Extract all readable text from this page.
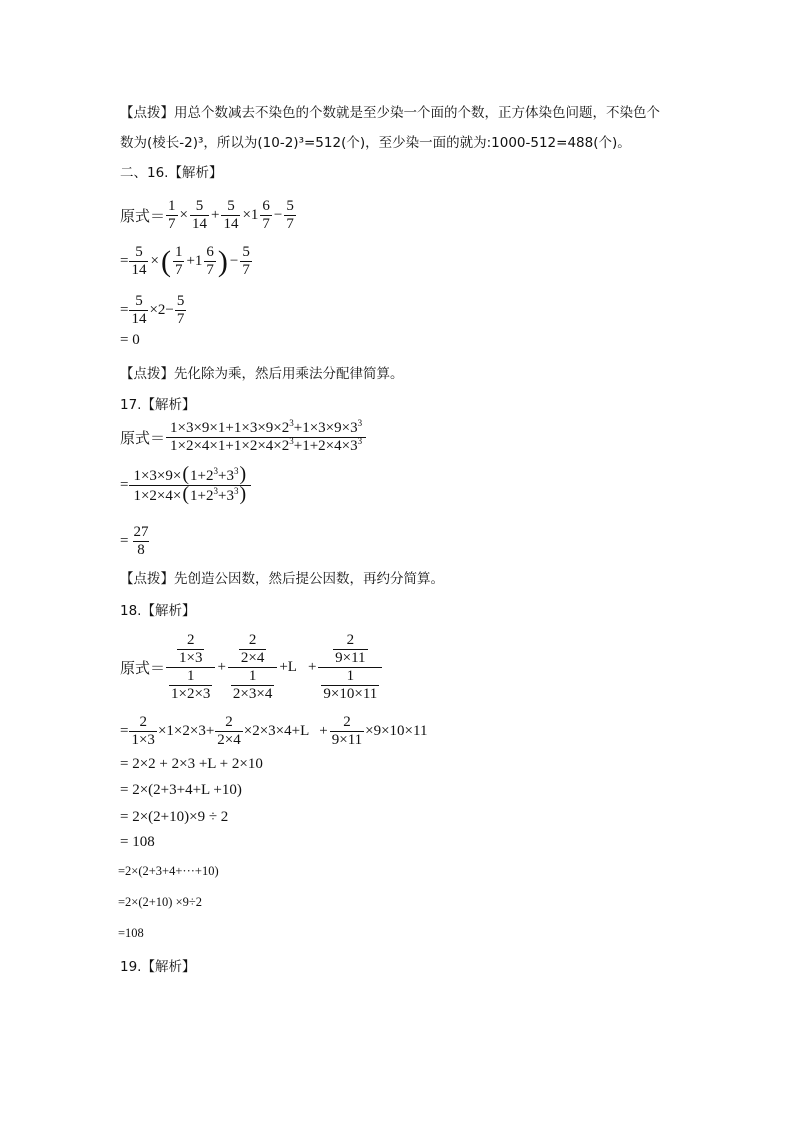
【点拨】用总个数减去不染色的个数就是至少染一个面的个数，正方体染色问题，不染色个
数为(棱长-2)³，所以为(10-2)³=512(个)，至少染一面的就为:1000-512=488(个)。
二、16.【解析】
原式＝ $\frac{1}{7} \times \frac{5}{14} + \frac{5}{14} \times 1 \frac{6}{7} - \frac{5}{7}$
= $\frac{5}{14}$ × ( $\frac{1}{7} +1 \frac{6}{7}$ ) − $\frac{5}{7}$
= $\frac{5}{14} \times 2- \frac{5}{7}$
= 0
【点拨】先化除为乘，然后用乘法分配律简算。
17.【解析】
原式＝ $\frac{1\times 3\times 9\times 1+1\times 3\times 9\times 2^3+1\times 3\times 9\times 3^3}{1\times 2\times 4\times 1+1\times 2\times 4\times 2^3+1+2\times 4\times 3^3}$
= $\frac{1\times 3\times 9\times(1+2^3+3^3)}{1\times 2\times 4\times(1+2^3+3^3)}$
= $\frac{27}{8}$
【点拨】先创造公因数，然后提公因数，再约分简算。
18.【解析】
原式＝ $\frac{\frac{2}{1\times 3}}{\frac{1}{1\times 2\times 3}} + \frac{\frac{2}{2\times 4}}{\frac{1}{2\times 3\times 4}} +L + \frac{\frac{2}{9\times 11}}{\frac{1}{9\times 10\times 11}}$
= $\frac{2}{1\times 3} \times 1\times 2\times 3+ \frac{2}{2\times 4} \times 2\times 3\times 4+L + \frac{2}{9\times 11} \times 9\times 10\times 11$
= 2×2 + 2×3 +L + 2×10
= 2×(2+3+4+L +10)
= 2×(2+10)×9 ÷ 2
= 108
=2×(2+3+4+···+10)
=2×(2+10) ×9÷2
=108
19.【解析】
